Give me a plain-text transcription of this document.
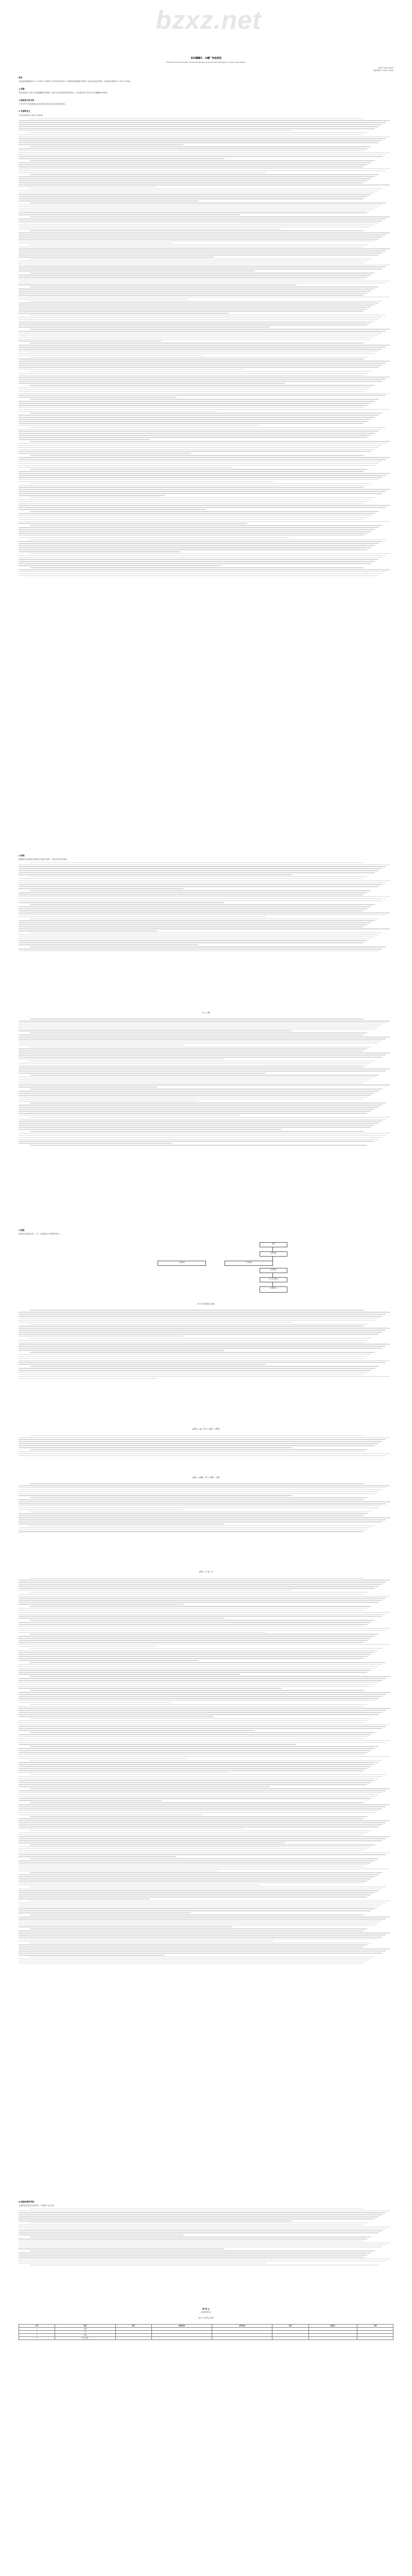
bzxz.net
易拉罐罐耳、出罐厂检验规程
Rules for the inspection of special density and pressure density for import and export
SN/T 1002-2001
代替ZB/T Y 5017-1995
前言
本标准是根据GB/T 1.1-2000《标准化工作导则 第1部分：标准的结构和编写规则》及有关规定起草的。本标准代替ZB/T Y 5017-1995。
1 范围
本标准规定了进出口易拉罐罐耳的抽样、检验方法及检验结果的判定。本标准适用于进出口易拉罐罐耳的检验。
2 规范性引用文件
下列文件中的条款通过本标准的引用而成为本标准的条款。
3 术语和定义
下列术语和定义适用于本标准。
4 抽样
按照相关标准规定的抽样方案进行抽样，样品应具有代表性。
n = √N
5 检验
检验项目包括外观、尺寸、密度及压力密度等项目。
取样
试样制备
外观检验	尺寸测量
密度测定
压力密度测定
结果判定
图 1 检验流程示意图
ρ(θ) = ρ₀ / [1 + γ(θ − 20)]
ρ(t) = ρ(θ) · [1 + β(t − θ)]
ρ(t) = Σ ρᵢ / n
6 检验结果的判定
全部检验项目符合要求时，判该批产品合格。
附 录 A
(规范性附录)
表 A.1 检验记录表
序号	项目	要求	检验结果	单项判定	备注	检验员	日期
1	外观						
2	尺寸						
3	密度						
4	压力密度						
